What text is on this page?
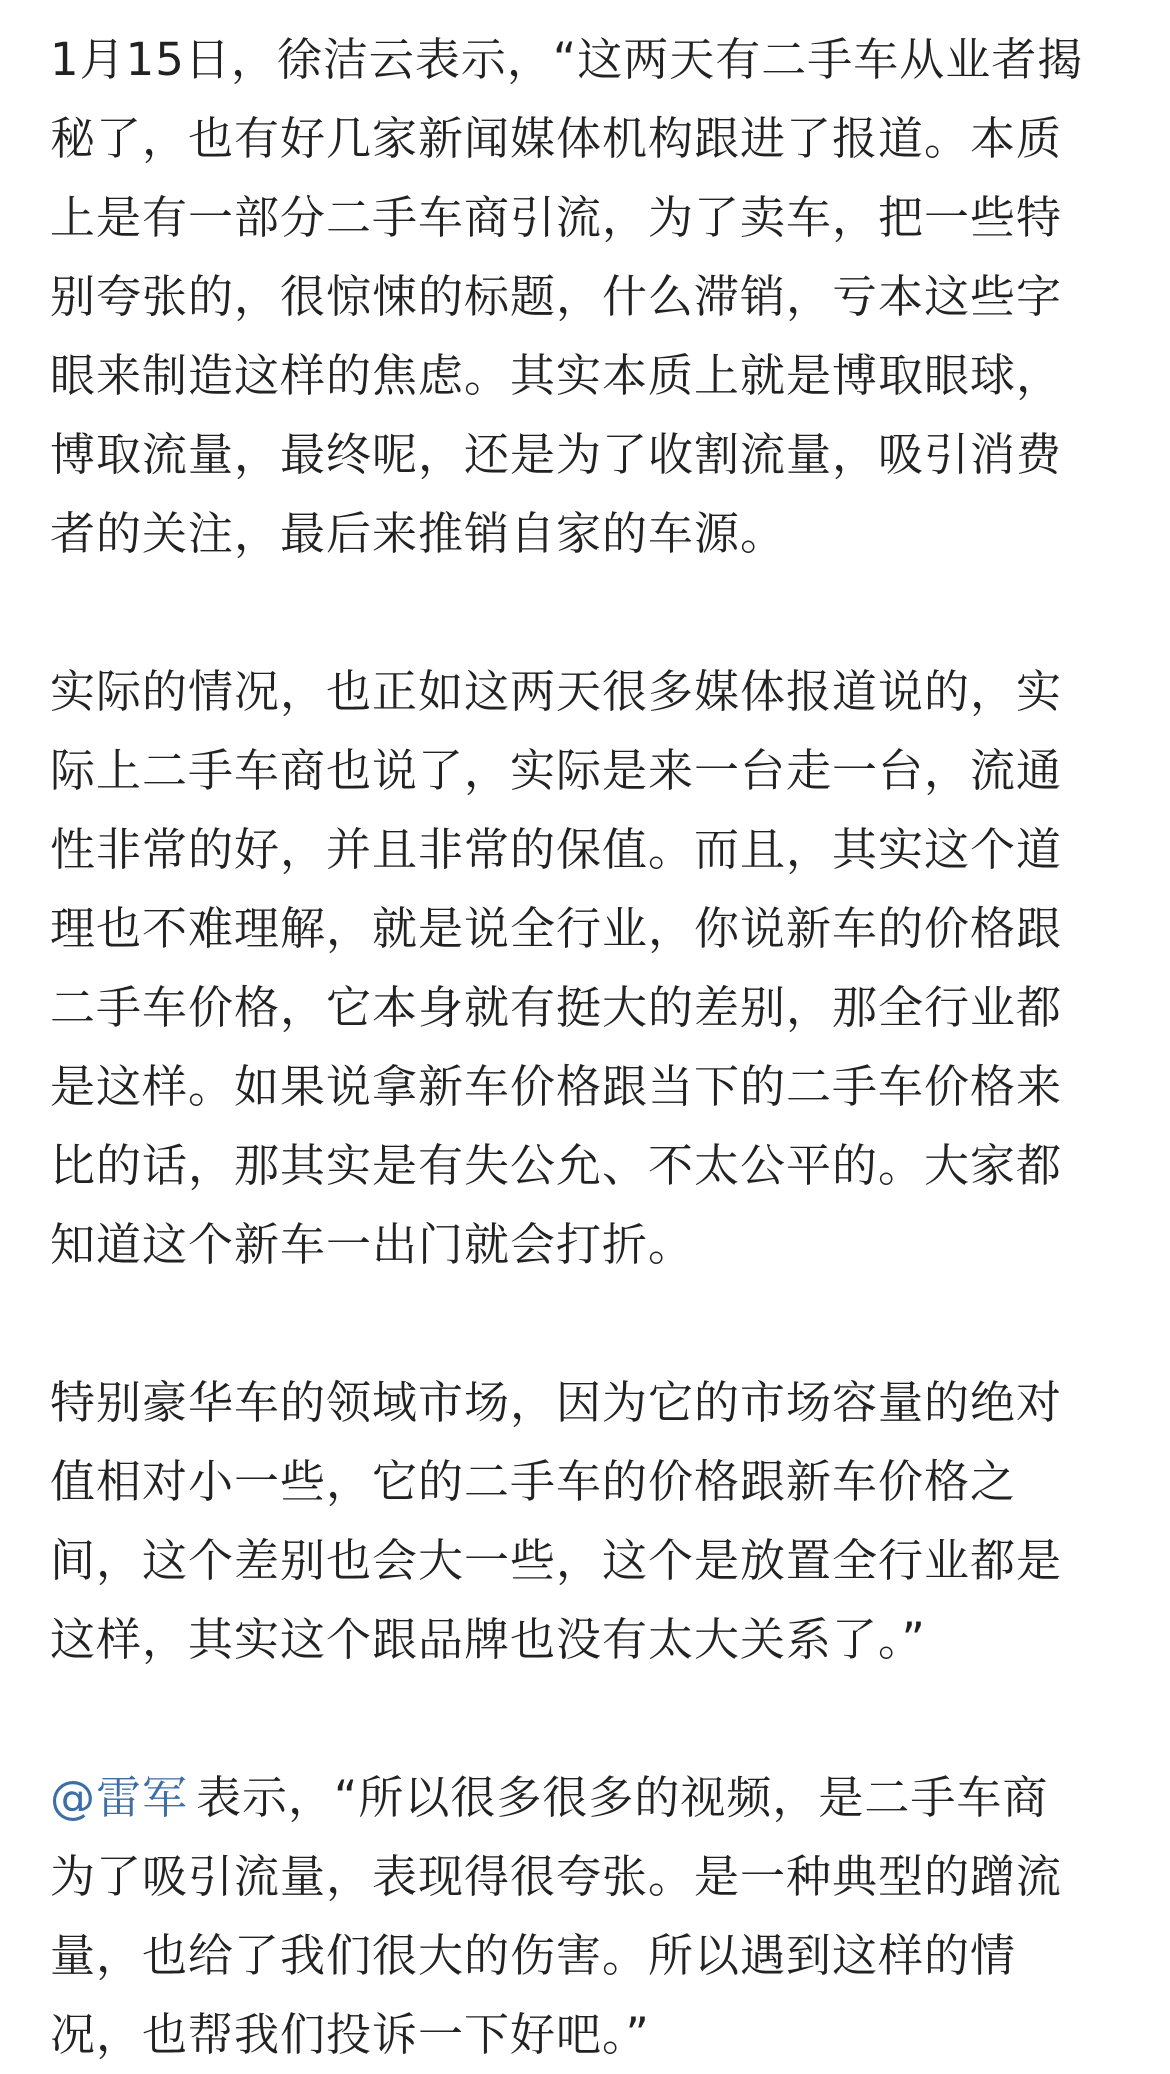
1月15日，徐洁云表示，“这两天有二手车从业者揭
秘了，也有好几家新闻媒体机构跟进了报道。本质
上是有一部分二手车商引流，为了卖车，把一些特
别夸张的，很惊悚的标题，什么滞销，亏本这些字
眼来制造这样的焦虑。其实本质上就是博取眼球，
博取流量，最终呢，还是为了收割流量，吸引消费
者的关注，最后来推销自家的车源。
实际的情况，也正如这两天很多媒体报道说的，实
际上二手车商也说了，实际是来一台走一台，流通
性非常的好，并且非常的保值。而且，其实这个道
理也不难理解，就是说全行业，你说新车的价格跟
二手车价格，它本身就有挺大的差别，那全行业都
是这样。如果说拿新车价格跟当下的二手车价格来
比的话，那其实是有失公允、不太公平的。大家都
知道这个新车一出门就会打折。
特别豪华车的领域市场，因为它的市场容量的绝对
值相对小一些，它的二手车的价格跟新车价格之
间，这个差别也会大一些，这个是放置全行业都是
这样，其实这个跟品牌也没有太大关系了。”
@雷军 表示，“所以很多很多的视频，是二手车商
为了吸引流量，表现得很夸张。是一种典型的蹭流
量，也给了我们很大的伤害。所以遇到这样的情
况，也帮我们投诉一下好吧。”
